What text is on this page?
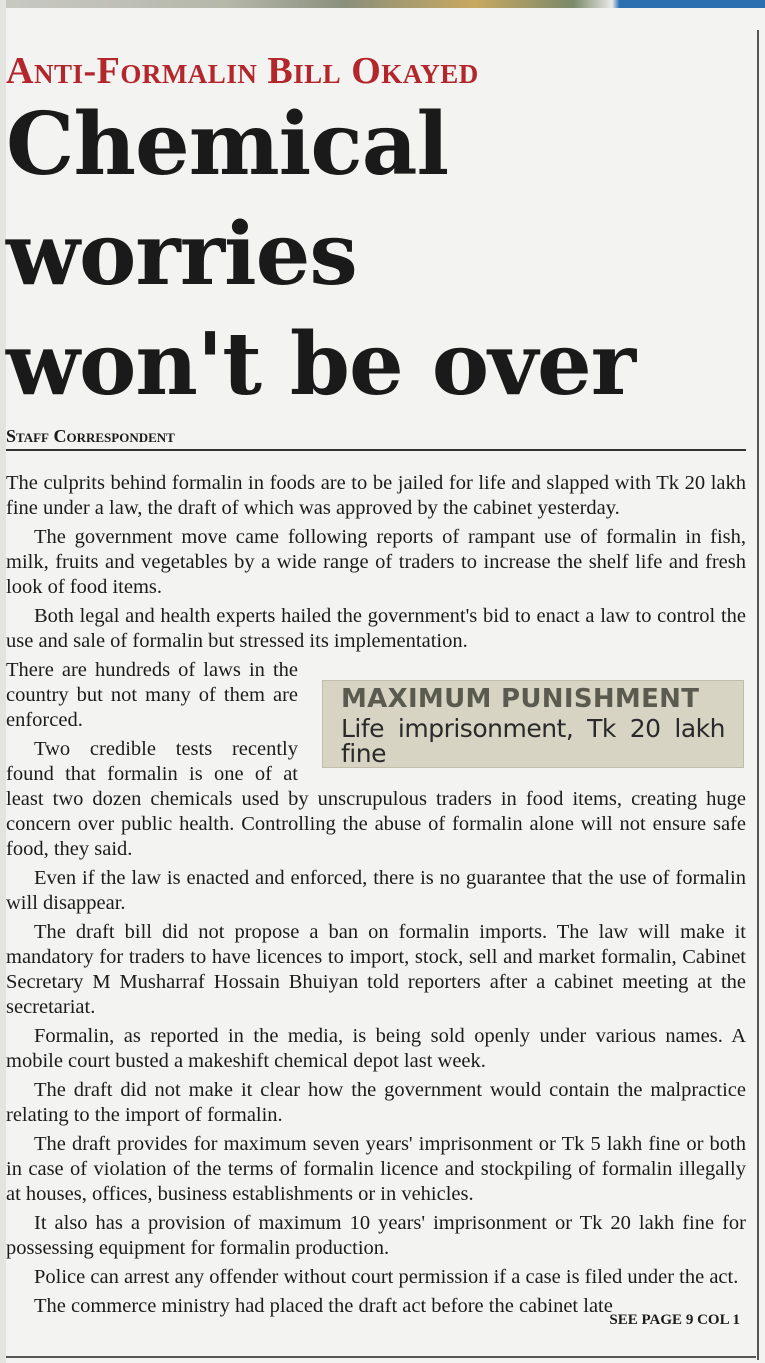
Anti-Formalin Bill Okayed
Chemical worries
won't be over
Staff Correspondent

The culprits behind formalin in foods are to be jailed for life and slapped with Tk 20 lakh fine under a law, the draft of which was approved by the cabinet yesterday.

The government move came following reports of rampant use of formalin in fish, milk, fruits and vegetables by a wide range of traders to increase the shelf life and fresh look of food items.

Both legal and health experts hailed the government's bid to enact a law to control the use and sale of formalin but stressed its implementation.

MAXIMUM PUNISHMENT
Life imprisonment, Tk 20 lakh fine

There are hundreds of laws in the country but not many of them are enforced.

Two credible tests recently found that formalin is one of at least two dozen chemicals used by unscrupulous traders in food items, creating huge concern over public health. Controlling the abuse of formalin alone will not ensure safe food, they said.

Even if the law is enacted and enforced, there is no guarantee that the use of formalin will disappear.

The draft bill did not propose a ban on formalin imports. The law will make it mandatory for traders to have licences to import, stock, sell and market formalin, Cabinet Secretary M Musharraf Hossain Bhuiyan told reporters after a cabinet meeting at the secretariat.

Formalin, as reported in the media, is being sold openly under various names. A mobile court busted a makeshift chemical depot last week.

The draft did not make it clear how the government would contain the malpractice relating to the import of formalin.

The draft provides for maximum seven years' imprisonment or Tk 5 lakh fine or both in case of violation of the terms of formalin licence and stockpiling of formalin illegally at houses, offices, business establishments or in vehicles.

It also has a provision of maximum 10 years' imprisonment or Tk 20 lakh fine for possessing equipment for formalin production.

Police can arrest any offender without court permission if a case is filed under the act.

The commerce ministry had placed the draft act before the cabinet late

SEE PAGE 9 COL 1
